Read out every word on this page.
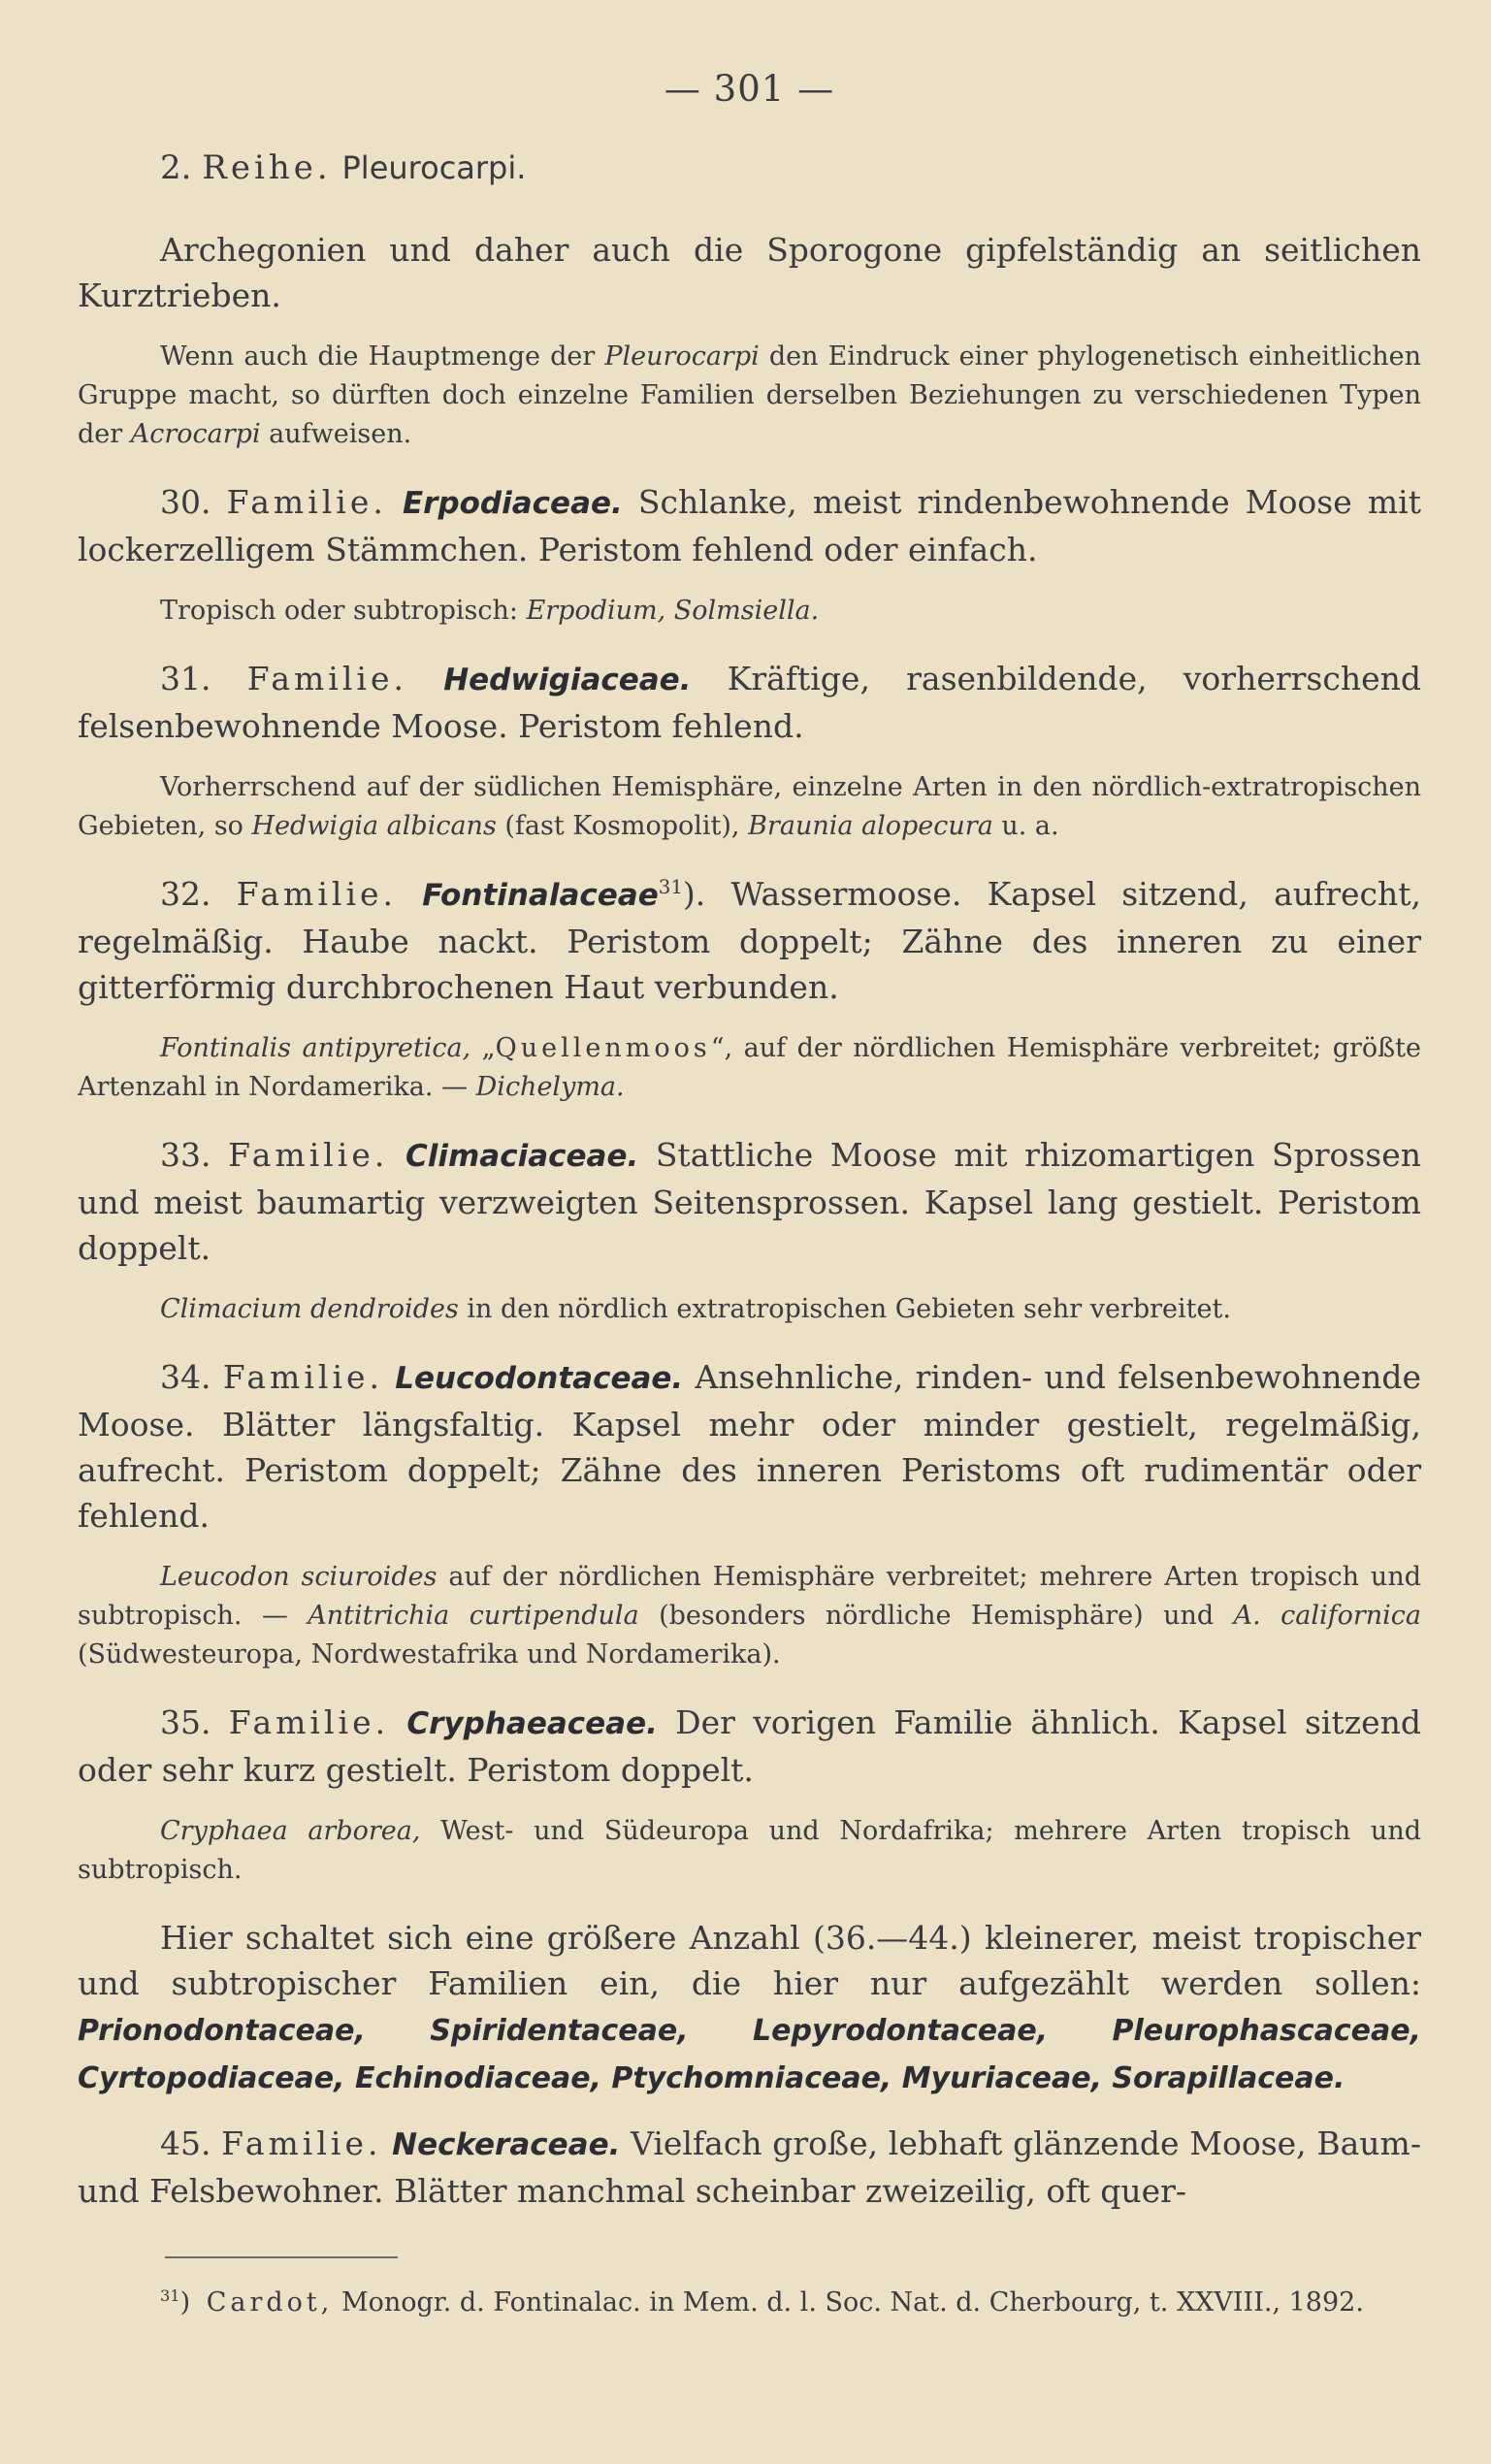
— 301 —
2. Reihe. Pleurocarpi.

Archegonien und daher auch die Sporogone gipfelständig an seitlichen Kurztrieben.

Wenn auch die Hauptmenge der Pleurocarpi den Eindruck einer phylogenetisch einheitlichen Gruppe macht, so dürften doch einzelne Familien derselben Beziehungen zu verschiedenen Typen der Acrocarpi aufweisen.

30. Familie. Erpodiaceae. Schlanke, meist rindenbewohnende Moose mit lockerzelligem Stämmchen. Peristom fehlend oder einfach.

Tropisch oder subtropisch: Erpodium, Solmsiella.

31. Familie. Hedwigiaceae. Kräftige, rasenbildende, vorherrschend felsenbewohnende Moose. Peristom fehlend.

Vorherrschend auf der südlichen Hemisphäre, einzelne Arten in den nördlich-extratropischen Gebieten, so Hedwigia albicans (fast Kosmopolit), Braunia alopecura u. a.

32. Familie. Fontinalaceae$^{31}$). Wassermoose. Kapsel sitzend, aufrecht, regelmäßig. Haube nackt. Peristom doppelt; Zähne des inneren zu einer gitterförmig durchbrochenen Haut verbunden.

Fontinalis antipyretica, „Quellenmoos“, auf der nördlichen Hemisphäre verbreitet; größte Artenzahl in Nordamerika. — Dichelyma.

33. Familie. Climaciaceae. Stattliche Moose mit rhizomartigen Sprossen und meist baumartig verzweigten Seitensprossen. Kapsel lang gestielt. Peristom doppelt.

Climacium dendroides in den nördlich extratropischen Gebieten sehr verbreitet.

34. Familie. Leucodontaceae. Ansehnliche, rinden- und felsenbewohnende Moose. Blätter längsfaltig. Kapsel mehr oder minder gestielt, regelmäßig, aufrecht. Peristom doppelt; Zähne des inneren Peristoms oft rudimentär oder fehlend.

Leucodon sciuroides auf der nördlichen Hemisphäre verbreitet; mehrere Arten tropisch und subtropisch. — Antitrichia curtipendula (besonders nördliche Hemisphäre) und A. californica (Südwesteuropa, Nordwestafrika und Nordamerika).

35. Familie. Cryphaeaceae. Der vorigen Familie ähnlich. Kapsel sitzend oder sehr kurz gestielt. Peristom doppelt.

Cryphaea arborea, West- und Südeuropa und Nordafrika; mehrere Arten tropisch und subtropisch.

Hier schaltet sich eine größere Anzahl (36.—44.) kleinerer, meist tropischer und subtropischer Familien ein, die hier nur aufgezählt werden sollen: Prionodontaceae, Spiridentaceae, Lepyrodontaceae, Pleurophascaceae, Cyrtopodiaceae, Echinodiaceae, Ptychomniaceae, Myuriaceae, Sorapillaceae.

45. Familie. Neckeraceae. Vielfach große, lebhaft glänzende Moose, Baum- und Felsbewohner. Blätter manchmal scheinbar zweizeilig, oft quer-

$^{31}$) Cardot, Monogr. d. Fontinalac. in Mem. d. l. Soc. Nat. d. Cherbourg, t. XXVIII., 1892.
